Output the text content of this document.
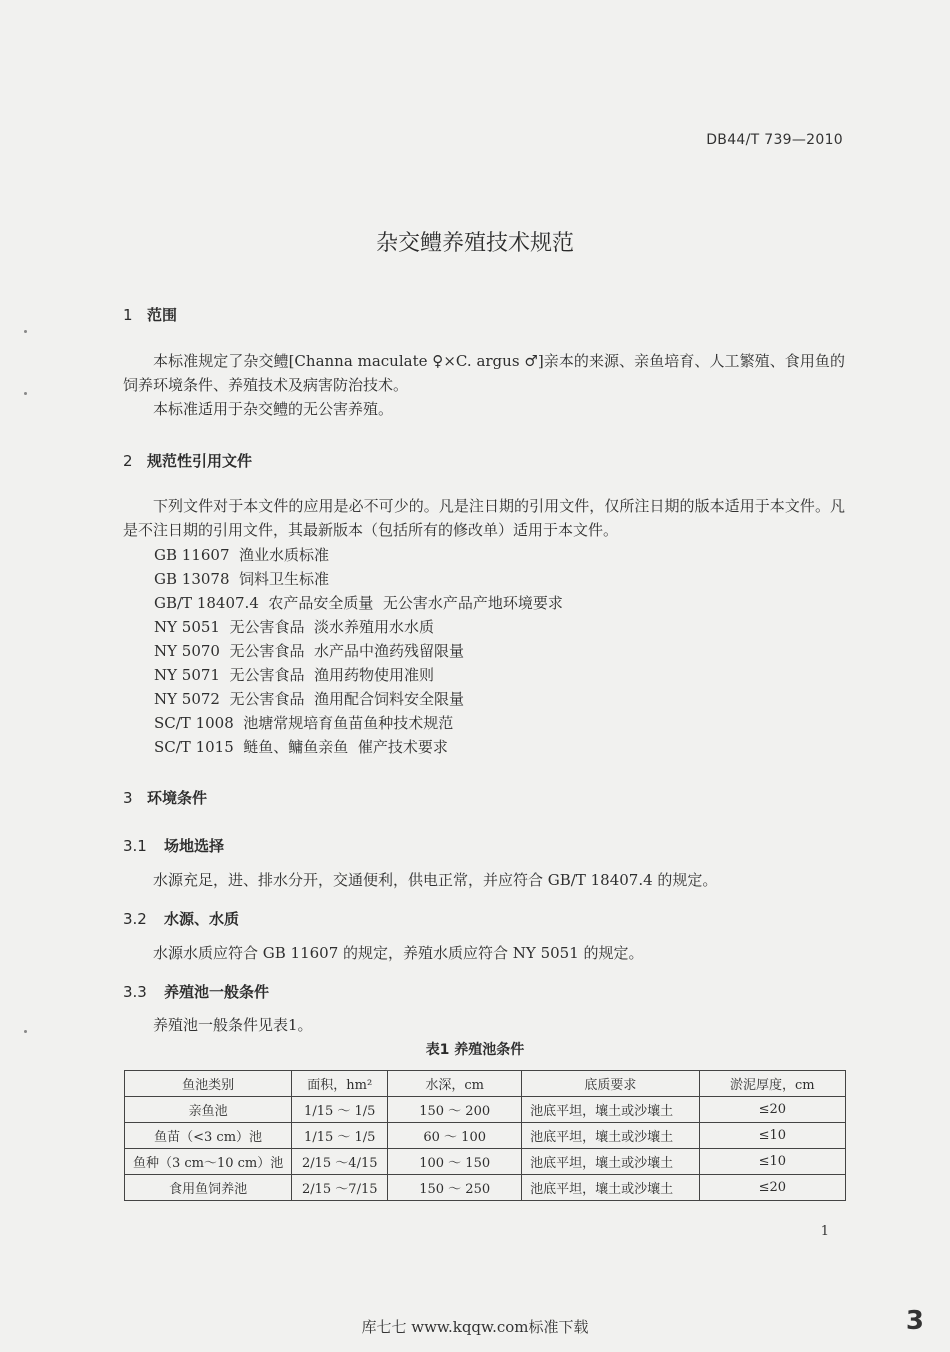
DB44/T 739—2010
杂交鳢养殖技术规范
1 范围
本标准规定了杂交鳢[Channa maculate ♀×C. argus ♂]亲本的来源、亲鱼培育、人工繁殖、食用鱼的饲养环境条件、养殖技术及病害防治技术。
本标准适用于杂交鳢的无公害养殖。
2 规范性引用文件
下列文件对于本文件的应用是必不可少的。凡是注日期的引用文件，仅所注日期的版本适用于本文件。凡是不注日期的引用文件，其最新版本（包括所有的修改单）适用于本文件。
GB 11607  渔业水质标准
GB 13078  饲料卫生标准
GB/T 18407.4  农产品安全质量  无公害水产品产地环境要求
NY 5051  无公害食品  淡水养殖用水水质
NY 5070  无公害食品  水产品中渔药残留限量
NY 5071  无公害食品  渔用药物使用准则
NY 5072  无公害食品  渔用配合饲料安全限量
SC/T 1008  池塘常规培育鱼苗鱼种技术规范
SC/T 1015  鲢鱼、鳙鱼亲鱼  催产技术要求
3 环境条件
3.1 场地选择
水源充足，进、排水分开，交通便利，供电正常，并应符合 GB/T 18407.4 的规定。
3.2 水源、水质
水源水质应符合 GB 11607 的规定，养殖水质应符合 NY 5051 的规定。
3.3 养殖池一般条件
养殖池一般条件见表1。
表1 养殖池条件
鱼池类别	面积，hm²	水深，cm	底质要求	淤泥厚度，cm
亲鱼池	1/15 ～ 1/5	150 ～ 200	池底平坦，壤土或沙壤土	≤20
鱼苗（<3 cm）池	1/15 ～ 1/5	60 ～ 100	池底平坦，壤土或沙壤土	≤10
鱼种（3 cm～10 cm）池	2/15 ～4/15	100 ～ 150	池底平坦，壤土或沙壤土	≤10
食用鱼饲养池	2/15 ～7/15	150 ～ 250	池底平坦，壤土或沙壤土	≤20
1
库七七 www.kqqw.com标准下载	3
